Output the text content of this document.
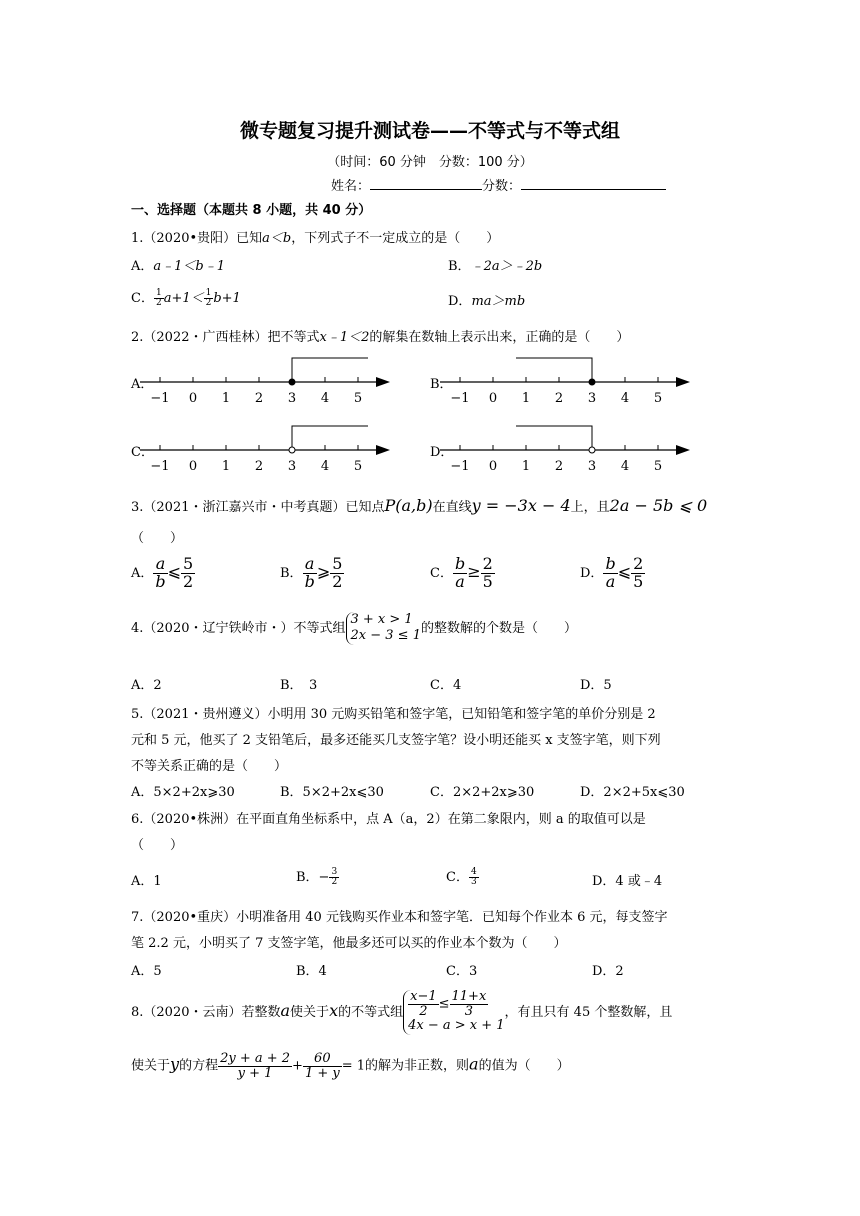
微专题复习提升测试卷——不等式与不等式组
（时间：60 分钟　分数：100 分）
姓名：	分数：
一、选择题（本题共 8 小题，共 40 分）
1.（2020•贵阳）已知a＜b，下列式子不一定成立的是（　　）
A．a﹣1＜b﹣1	B．﹣2a＞﹣2b
C． $\frac{1}{2} a+1< \frac{1}{2} b+1$	D．ma＞mb
2.（2022・广西桂林）把不等式x﹣1＜2的解集在数轴上表示出来，正确的是（　　）
A．	B．
C．	D．
−1 0 1 2 3 4 5	−1 0 1 2 3 4 5
−1 0 1 2 3 4 5	−1 0 1 2 3 4 5
3.（2021・浙江嘉兴市・中考真题）已知点P(a,b)在直线y = −3x − 4上，且2a − 5b ⩽ 0
（　　）
A． $\frac{a}{b}$ ⩽ $\frac{5}{2}$	B． $\frac{a}{b}$ ⩾ $\frac{5}{2}$	C． $\frac{b}{a} \ge \frac{2}{5}$	D． $\frac{b}{a}$ ⩽ $\frac{2}{5}$
4.（2020・辽宁铁岭市・）不等式组
3 + x > 1
2x − 3 ≤ 1 的整数解的个数是（　　）
A．2	B．　3	C．4	D．5
5.（2021・贵州遵义）小明用 30 元购买铅笔和签字笔，已知铅笔和签字笔的单价分别是 2
元和 5 元，他买了 2 支铅笔后，最多还能买几支签字笔？设小明还能买 x 支签字笔，则下列
不等关系正确的是（　　）
A．5×2+2x⩾30	B．5×2+2x⩽30	C．2×2+2x⩾30	D．2×2+5x⩽30
6.（2020•株洲）在平面直角坐标系中，点 A（a，2）在第二象限内，则 a 的取值可以是
（　　）
A．1	B．− $\frac{3}{2}$	C． $\frac{4}{3}$	D．4 或﹣4
7.（2020•重庆）小明准备用 40 元钱购买作业本和签字笔．已知每个作业本 6 元，每支签字
笔 2.2 元，小明买了 7 支签字笔，他最多还可以买的作业本个数为（　　）
A．5	B．4	C．3	D．2
8.（2020・云南）若整数a使关于x的不等式组 $\frac{x-1}{2} \le \frac{11+x}{3}$
4x − a > x + 1
，有且只有 45 个整数解，且
使关于y的方程 $\frac{2y + a + 2}{y + 1} + \frac{60}{1 + y} = 1$的解为非正数，则a的值为（　　）
